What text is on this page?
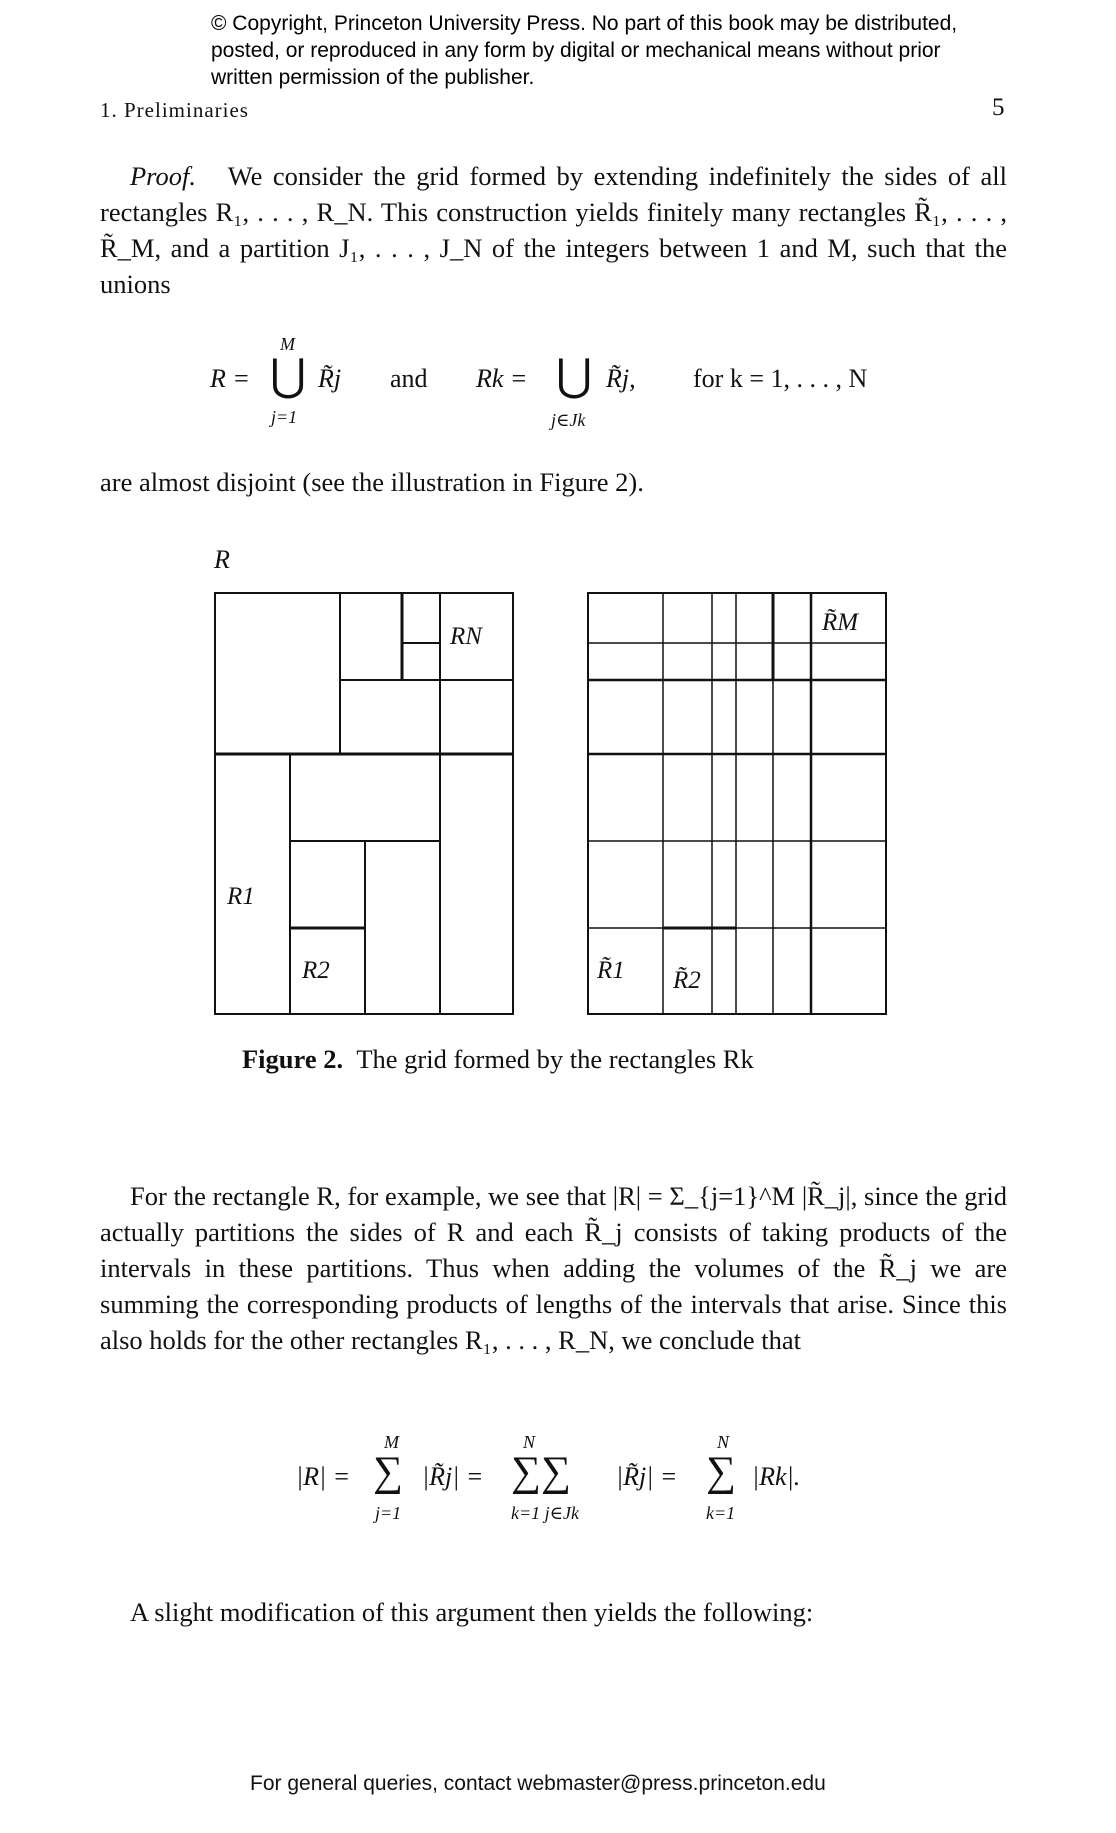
© Copyright, Princeton University Press. No part of this book may be distributed, posted, or reproduced in any form by digital or mechanical means without prior written permission of the publisher.
1. Preliminaries	5
Proof. We consider the grid formed by extending indefinitely the sides of all rectangles R₁, . . . , R_N. This construction yields finitely many rectangles R̃₁, . . . , R̃_M, and a partition J₁, . . . , J_N of the integers between 1 and M, such that the unions
R =
M
⋃
j=1
R̃j and Rk = ⋃
j∈Jk
R̃j, for k = 1, . . . , N
are almost disjoint (see the illustration in Figure 2).
R
RN
R1
R2
R̃M
R̃1 R̃2
Figure 2. The grid formed by the rectangles Rk
For the rectangle R, for example, we see that |R| = Σ_{j=1}^M |R̃_j|, since the grid actually partitions the sides of R and each R̃_j consists of taking products of the intervals in these partitions. Thus when adding the volumes of the R̃_j we are summing the corresponding products of lengths of the intervals that arise. Since this also holds for the other rectangles R₁, . . . , R_N, we conclude that
|R| =
M
∑
j=1
|R̃j| =
N
∑∑
k=1 j∈Jk
|R̃j| =
N
∑
k=1
|Rk|.
A slight modification of this argument then yields the following:
For general queries, contact webmaster@press.princeton.edu
